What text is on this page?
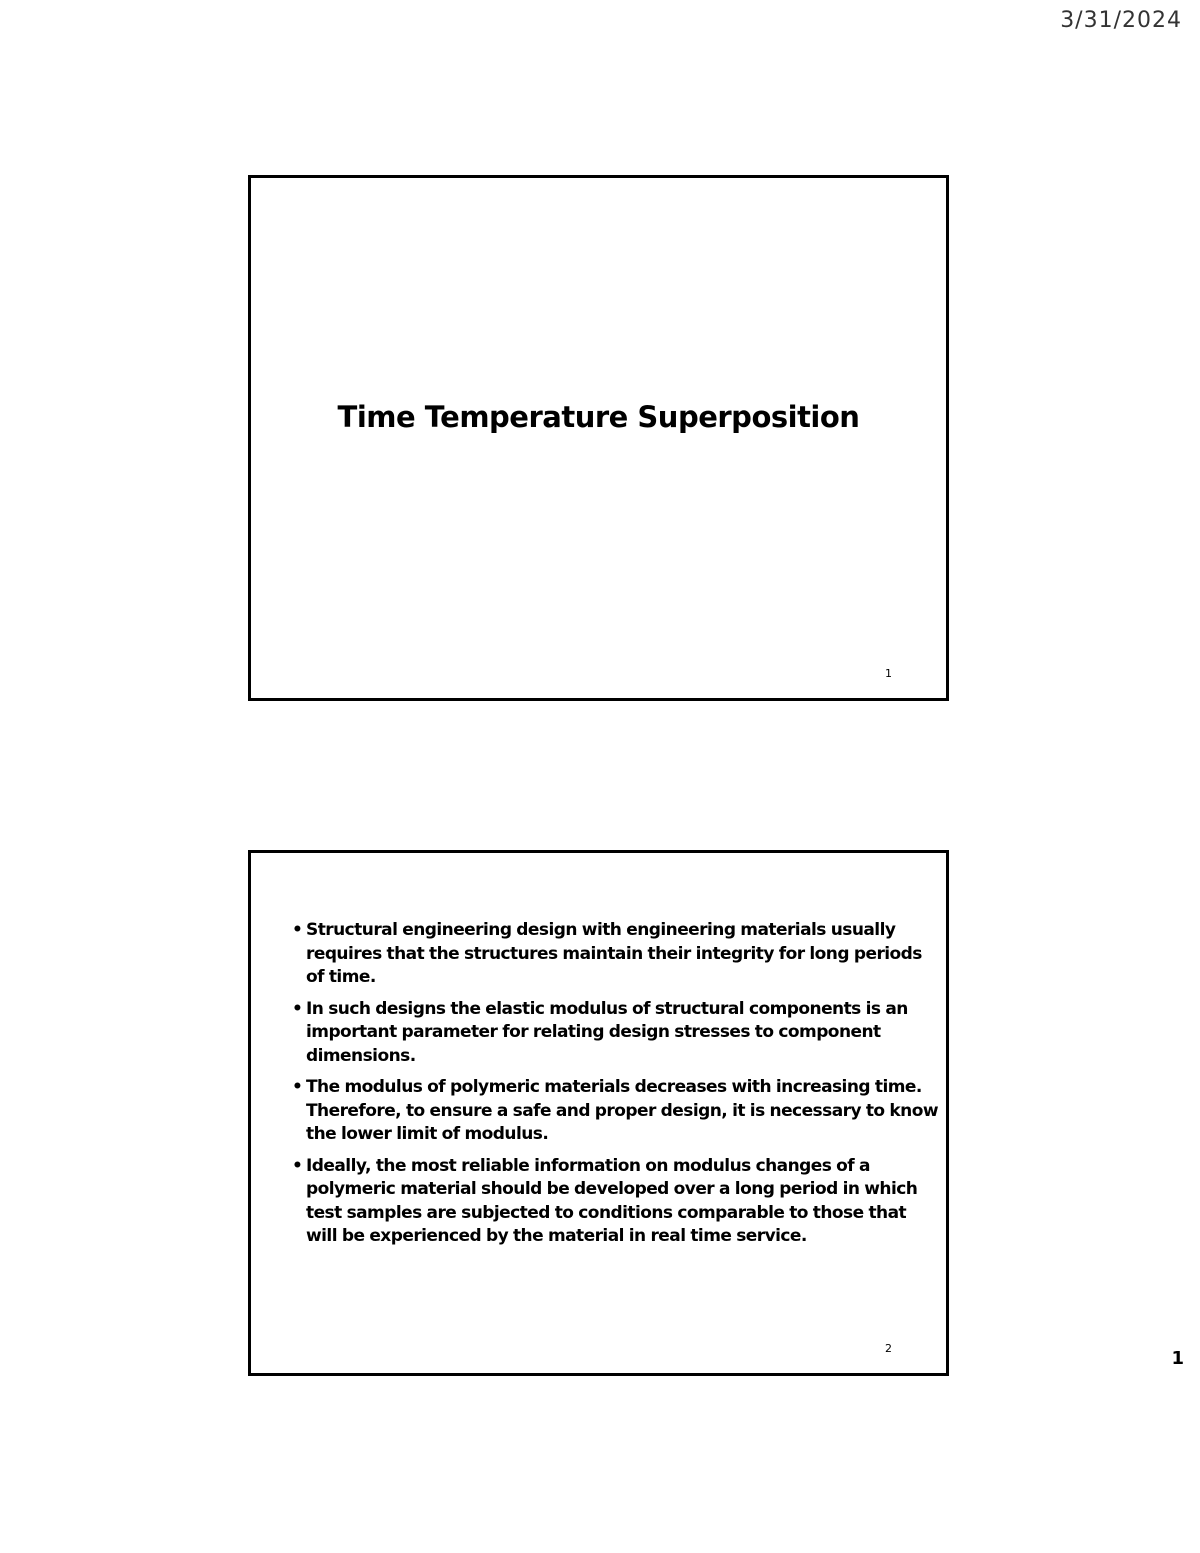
3/31/2024
Time Temperature Superposition
1
• Structural engineering design with engineering materials usually requires that the structures maintain their integrity for long periods of time.
• In such designs the elastic modulus of structural components is an important parameter for relating design stresses to component dimensions.
• The modulus of polymeric materials decreases with increasing time. Therefore, to ensure a safe and proper design, it is necessary to know the lower limit of modulus.
• Ideally, the most reliable information on modulus changes of a polymeric material should be developed over a long period in which test samples are subjected to conditions comparable to those that will be experienced by the material in real time service.
2	1
